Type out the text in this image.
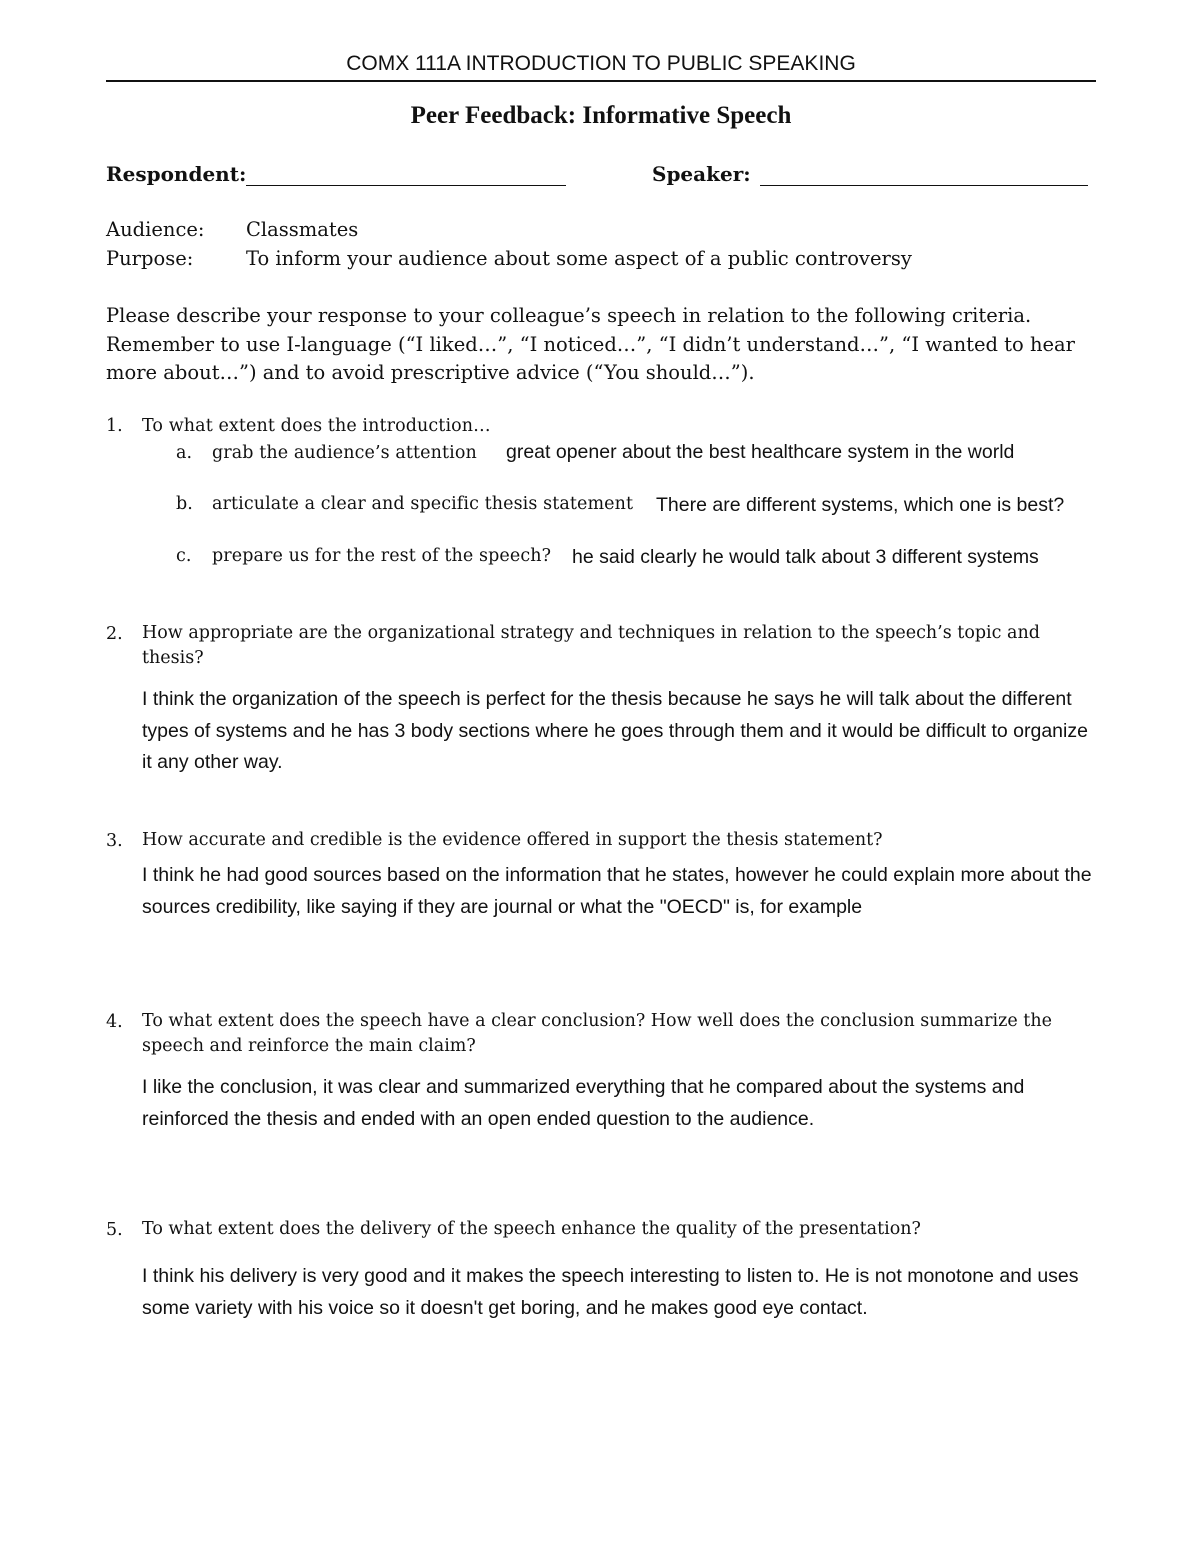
COMX 111A INTRODUCTION TO PUBLIC SPEAKING
Peer Feedback: Informative Speech
Respondent:	Speaker:
Audience: Classmates
Purpose:	To inform your audience about some aspect of a public controversy
Please describe your response to your colleague’s speech in relation to the following criteria. Remember to use I-language (“I liked…”, “I noticed…”, “I didn’t understand…”, “I wanted to hear more about…”) and to avoid prescriptive advice (“You should…”).
1. To what extent does the introduction…
a. grab the audience’s attention great opener about the best healthcare system in the world
b. articulate a clear and specific thesis statement There are different systems, which one is best?
c. prepare us for the rest of the speech? he said clearly he would talk about 3 different systems
2. How appropriate are the organizational strategy and techniques in relation to the speech’s topic and thesis?
I think the organization of the speech is perfect for the thesis because he says he will talk about the different types of systems and he has 3 body sections where he goes through them and it would be difficult to organize it any other way.
3. How accurate and credible is the evidence offered in support the thesis statement?
I think he had good sources based on the information that he states, however he could explain more about the sources credibility, like saying if they are journal or what the "OECD" is, for example
4. To what extent does the speech have a clear conclusion? How well does the conclusion summarize the speech and reinforce the main claim?
I like the conclusion, it was clear and summarized everything that he compared about the systems and reinforced the thesis and ended with an open ended question to the audience.
5. To what extent does the delivery of the speech enhance the quality of the presentation?
I think his delivery is very good and it makes the speech interesting to listen to. He is not monotone and uses some variety with his voice so it doesn't get boring, and he makes good eye contact.
